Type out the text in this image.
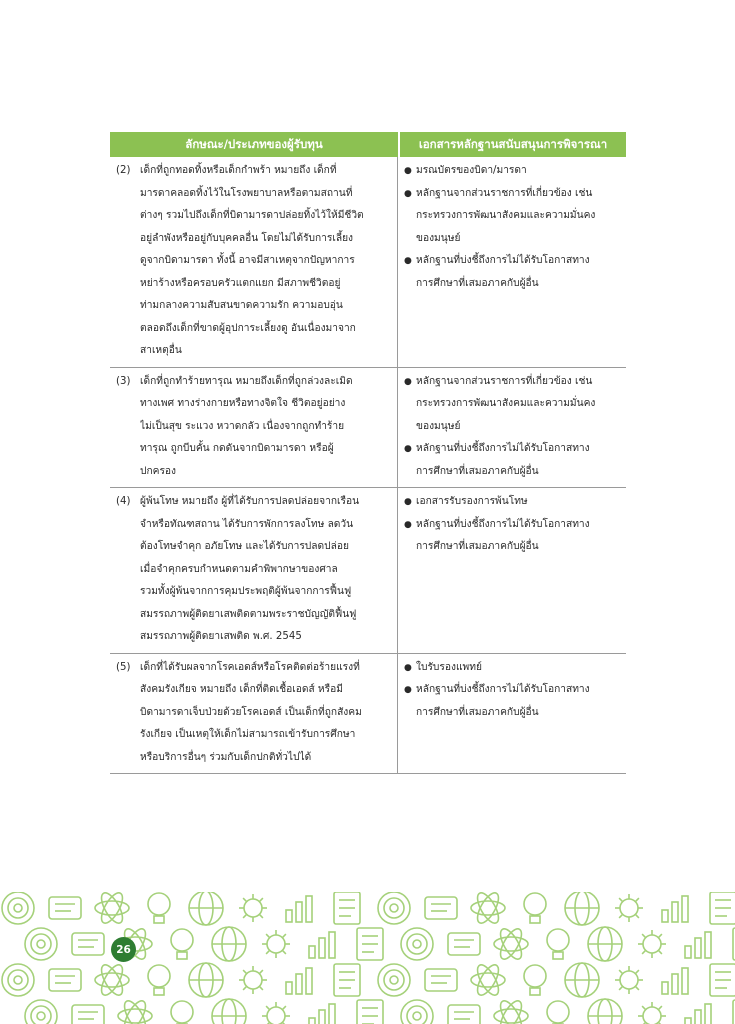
ลักษณะ/ประเภทของผู้รับทุน	เอกสารหลักฐานสนับสนุนการพิจารณา
(2) เด็กที่ถูกทอดทิ้งหรือเด็กกำพร้า หมายถึง เด็กที่
มารดาคลอดทิ้งไว้ในโรงพยาบาลหรือตามสถานที่
ต่างๆ รวมไปถึงเด็กที่บิดามารดาปล่อยทิ้งไว้ให้มีชีวิต
อยู่ลำพังหรืออยู่กับบุคคลอื่น โดยไม่ได้รับการเลี้ยง
ดูจากบิดามารดา ทั้งนี้ อาจมีสาเหตุจากปัญหาการ
หย่าร้างหรือครอบครัวแตกแยก มีสภาพชีวิตอยู่
ท่ามกลางความสับสนขาดความรัก ความอบอุ่น
ตลอดถึงเด็กที่ขาดผู้อุปการะเลี้ยงดู อันเนื่องมาจาก
สาเหตุอื่น
● มรณบัตรของบิดา/มารดา
● หลักฐานจากส่วนราชการที่เกี่ยวข้อง เช่น
กระทรวงการพัฒนาสังคมและความมั่นคง
ของมนุษย์
● หลักฐานที่บ่งชี้ถึงการไม่ได้รับโอกาสทาง
การศึกษาที่เสมอภาคกับผู้อื่น
(3) เด็กที่ถูกทำร้ายทารุณ หมายถึงเด็กที่ถูกล่วงละเมิด
ทางเพศ ทางร่างกายหรือทางจิตใจ ชีวิตอยู่อย่าง
ไม่เป็นสุข ระแวง หวาดกลัว เนื่องจากถูกทำร้าย
ทารุณ ถูกบีบคั้น กดดันจากบิดามารดา หรือผู้
ปกครอง
● หลักฐานจากส่วนราชการที่เกี่ยวข้อง เช่น
กระทรวงการพัฒนาสังคมและความมั่นคง
ของมนุษย์
● หลักฐานที่บ่งชี้ถึงการไม่ได้รับโอกาสทาง
การศึกษาที่เสมอภาคกับผู้อื่น
(4) ผู้พ้นโทษ หมายถึง ผู้ที่ได้รับการปลดปล่อยจากเรือน
จำหรือทัณฑสถาน ได้รับการพักการลงโทษ ลดวัน
ต้องโทษจำคุก อภัยโทษ และได้รับการปลดปล่อย
เมื่อจำคุกครบกำหนดตามคำพิพากษาของศาล
รวมทั้งผู้พ้นจากการคุมประพฤติผู้พ้นจากการฟื้นฟู
สมรรถภาพผู้ติดยาเสพติดตามพระราชบัญญัติฟื้นฟู
สมรรถภาพผู้ติดยาเสพติด พ.ศ. 2545
● เอกสารรับรองการพ้นโทษ
● หลักฐานที่บ่งชี้ถึงการไม่ได้รับโอกาสทาง
การศึกษาที่เสมอภาคกับผู้อื่น
(5) เด็กที่ได้รับผลจากโรคเอดส์หรือโรคติดต่อร้ายแรงที่
สังคมรังเกียจ หมายถึง เด็กที่ติดเชื้อเอดส์ หรือมี
บิดามารดาเจ็บป่วยด้วยโรคเอดส์ เป็นเด็กที่ถูกสังคม
รังเกียจ เป็นเหตุให้เด็กไม่สามารถเข้ารับการศึกษา
หรือบริการอื่นๆ ร่วมกับเด็กปกติทั่วไปได้
● ใบรับรองแพทย์
● หลักฐานที่บ่งชี้ถึงการไม่ได้รับโอกาสทาง
การศึกษาที่เสมอภาคกับผู้อื่น
26
